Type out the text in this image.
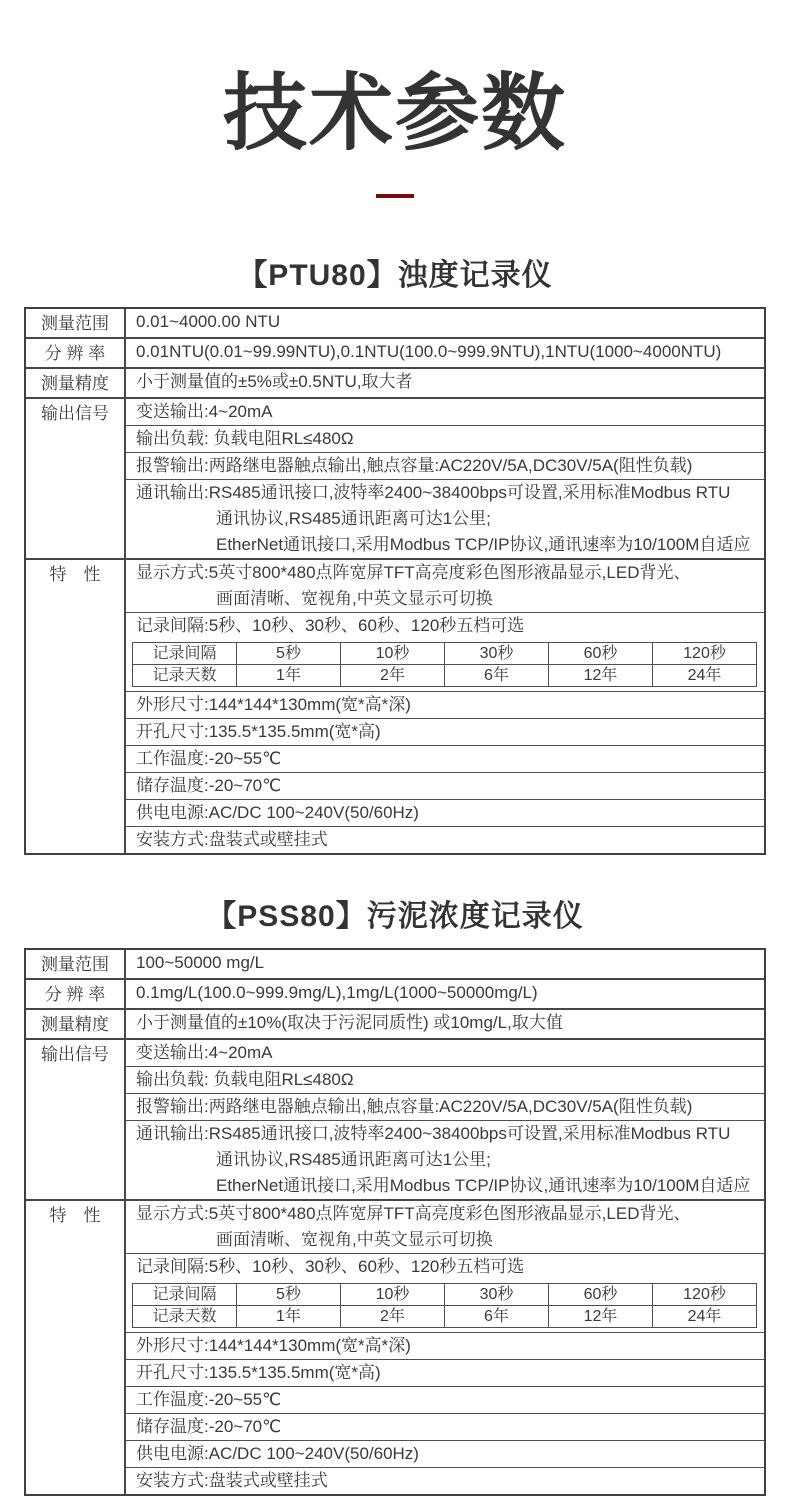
技术参数
【PTU80】浊度记录仪
测量范围	0.01~4000.00 NTU
分 辨 率	0.01NTU(0.01~99.99NTU),0.1NTU(100.0~999.9NTU),1NTU(1000~4000NTU)
测量精度	小于测量值的±5%或±0.5NTU,取大者
输出信号	变送输出:4~20mA
输出负载: 负载电阻RL≤480Ω
报警输出:两路继电器触点输出,触点容量:AC220V/5A,DC30V/5A(阻性负载)
通讯输出:RS485通讯接口,波特率2400~38400bps可设置,采用标准Modbus RTU
通讯协议,RS485通讯距离可达1公里;
EtherNet通讯接口,采用Modbus TCP/IP协议,通讯速率为10/100M自适应
特　性	显示方式:5英寸800*480点阵宽屏TFT高亮度彩色图形液晶显示,LED背光、
画面清晰、宽视角,中英文显示可切换
记录间隔:5秒、10秒、30秒、60秒、120秒五档可选
记录间隔	5秒	10秒	30秒	60秒	120秒
记录天数	1年	2年	6年	12年	24年
外形尺寸:144*144*130mm(宽*高*深)
开孔尺寸:135.5*135.5mm(宽*高)
工作温度:-20~55℃
储存温度:-20~70℃
供电电源:AC/DC 100~240V(50/60Hz)
安装方式:盘装式或壁挂式
【PSS80】污泥浓度记录仪
测量范围	100~50000 mg/L
分 辨 率	0.1mg/L(100.0~999.9mg/L),1mg/L(1000~50000mg/L)
测量精度	小于测量值的±10%(取决于污泥同质性) 或10mg/L,取大值
输出信号	变送输出:4~20mA
输出负载: 负载电阻RL≤480Ω
报警输出:两路继电器触点输出,触点容量:AC220V/5A,DC30V/5A(阻性负载)
通讯输出:RS485通讯接口,波特率2400~38400bps可设置,采用标准Modbus RTU
通讯协议,RS485通讯距离可达1公里;
EtherNet通讯接口,采用Modbus TCP/IP协议,通讯速率为10/100M自适应
特　性	显示方式:5英寸800*480点阵宽屏TFT高亮度彩色图形液晶显示,LED背光、
画面清晰、宽视角,中英文显示可切换
记录间隔:5秒、10秒、30秒、60秒、120秒五档可选
记录间隔	5秒	10秒	30秒	60秒	120秒
记录天数	1年	2年	6年	12年	24年
外形尺寸:144*144*130mm(宽*高*深)
开孔尺寸:135.5*135.5mm(宽*高)
工作温度:-20~55℃
储存温度:-20~70℃
供电电源:AC/DC 100~240V(50/60Hz)
安装方式:盘装式或壁挂式
